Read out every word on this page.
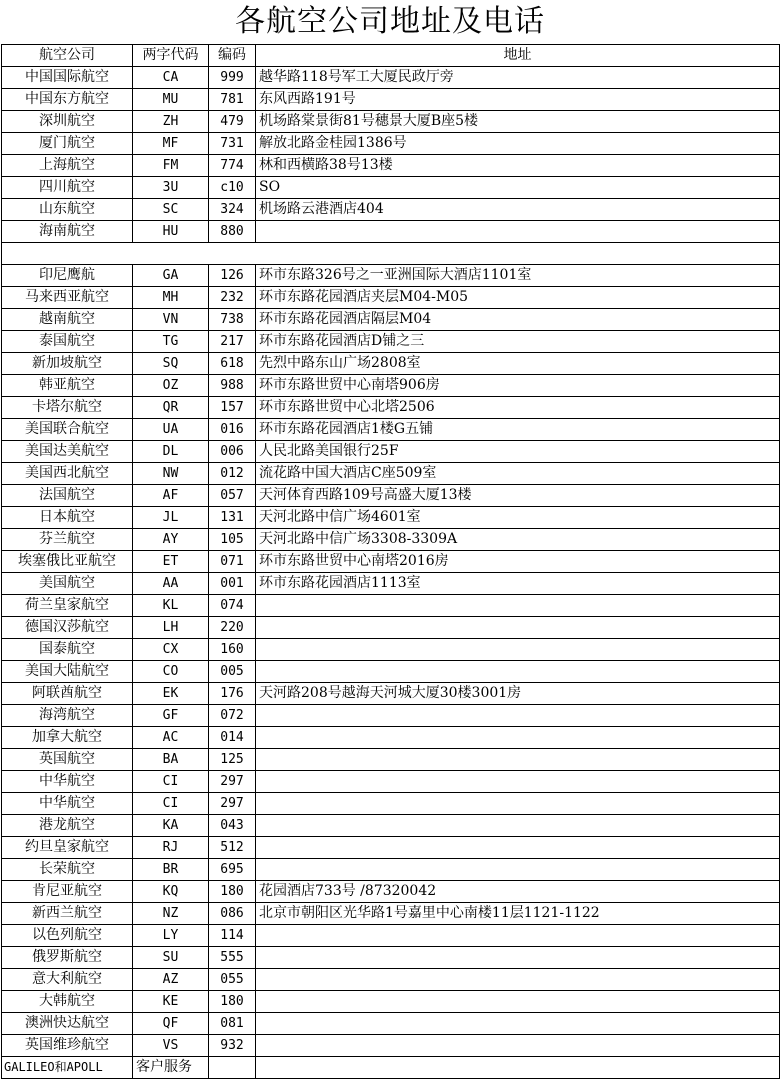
各航空公司地址及电话
航空公司	两字代码	编码	地址
中国国际航空	CA	999	越华路118号军工大厦民政厅旁
中国东方航空	MU	781	东风西路191号
深圳航空	ZH	479	机场路棠景街81号穗景大厦B座5楼
厦门航空	MF	731	解放北路金桂园1386号
上海航空	FM	774	林和西横路38号13楼
四川航空	3U	c10	SO
山东航空	SC	324	机场路云港酒店404
海南航空	HU	880	

印尼鹰航	GA	126	环市东路326号之一亚洲国际大酒店1101室
马来西亚航空	MH	232	环市东路花园酒店夹层M04-M05
越南航空	VN	738	环市东路花园酒店隔层M04
泰国航空	TG	217	环市东路花园酒店D铺之三
新加坡航空	SQ	618	先烈中路东山广场2808室
韩亚航空	OZ	988	环市东路世贸中心南塔906房
卡塔尔航空	QR	157	环市东路世贸中心北塔2506
美国联合航空	UA	016	环市东路花园酒店1楼G五铺
美国达美航空	DL	006	人民北路美国银行25F
美国西北航空	NW	012	流花路中国大酒店C座509室
法国航空	AF	057	天河体育西路109号高盛大厦13楼
日本航空	JL	131	天河北路中信广场4601室
芬兰航空	AY	105	天河北路中信广场3308-3309A
埃塞俄比亚航空	ET	071	环市东路世贸中心南塔2016房
美国航空	AA	001	环市东路花园酒店1113室
荷兰皇家航空	KL	074	
德国汉莎航空	LH	220	
国泰航空	CX	160	
美国大陆航空	CO	005	
阿联酋航空	EK	176	天河路208号越海天河城大厦30楼3001房
海湾航空	GF	072	
加拿大航空	AC	014	
英国航空	BA	125	
中华航空	CI	297	
中华航空	CI	297	
港龙航空	KA	043	
约旦皇家航空	RJ	512	
长荣航空	BR	695	
肯尼亚航空	KQ	180	花园酒店733号 /87320042
新西兰航空	NZ	086	北京市朝阳区光华路1号嘉里中心南楼11层1121-1122
以色列航空	LY	114	
俄罗斯航空	SU	555	
意大利航空	AZ	055	
大韩航空	KE	180	
澳洲快达航空	QF	081	
英国维珍航空	VS	932	
GALILEO和APOLL	客户服务		
